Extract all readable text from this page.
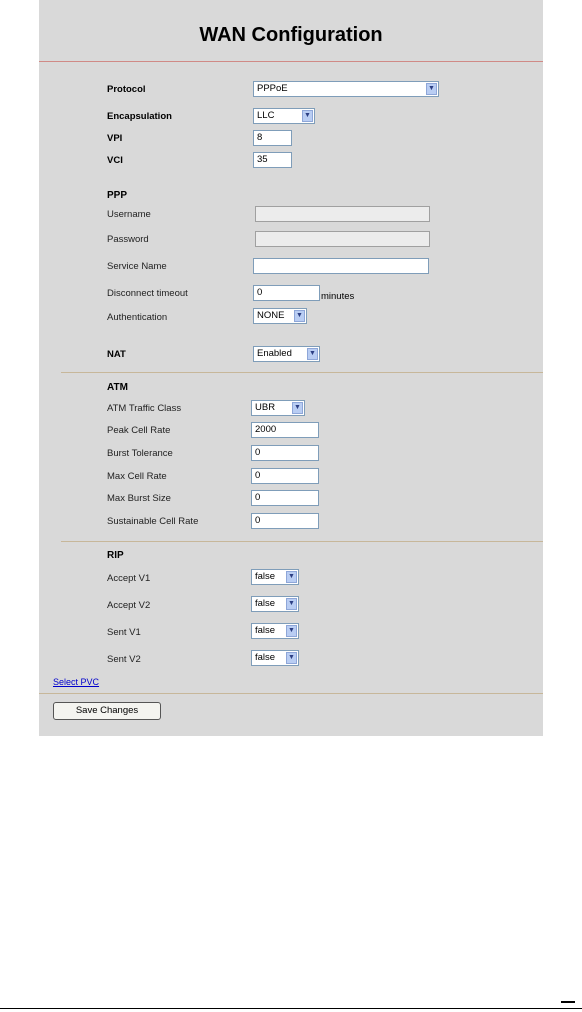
WAN Configuration
Protocol	PPPoE	▼
Encapsulation	LLC	▼
VPI	8
VCI	35
PPP
Username
Password
Service Name
Disconnect timeout	0	minutes
Authentication	NONE ▼
NAT	Enabled ▼
ATM
ATM Traffic Class	UBR	▼
Peak Cell Rate	2000
Burst Tolerance	0
Max Cell Rate	0
Max Burst Size	0
Sustainable Cell Rate	0
RIP
Accept V1	false ▼
Accept V2	false ▼
Sent V1	false ▼
Sent V2	false ▼
Select PVC
Save Changes
